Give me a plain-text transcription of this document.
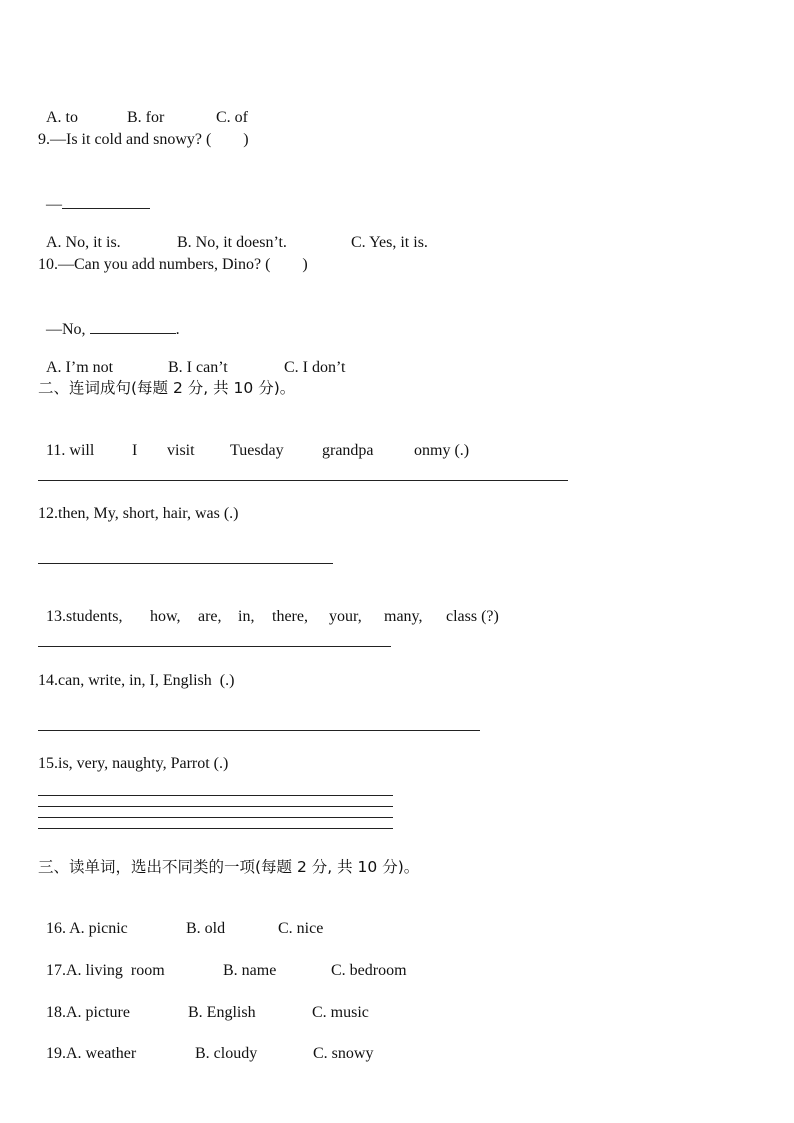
A. to	B. for	C. of

9.—Is it cold and snowy? (        )

—

A. No, it is.	B. No, it doesn’t.	C. Yes, it is.

10.—Can you add numbers, Dino? (        )

—No,	.

A. I’m not	B. I can’t	C. I don’t

二、连词成句(每题 2 分, 共 10 分)。

11. will I visit Tuesday grandpa	onmy (.)

12.then, My, short, hair, was (.)

13.students, how, are, in, there, your, many, class (?)

14.can, write, in, I, English  (.)
15.is, very, naughty, Parrot (.)
三、读单词，选出不同类的一项(每题 2 分, 共 10 分)。

16. A. picnic	B. old	C. nice

17.A. living  room	B. name	C. bedroom

18.A. picture	B. English	C. music

19.A. weather	B. cloudy	C. snowy
